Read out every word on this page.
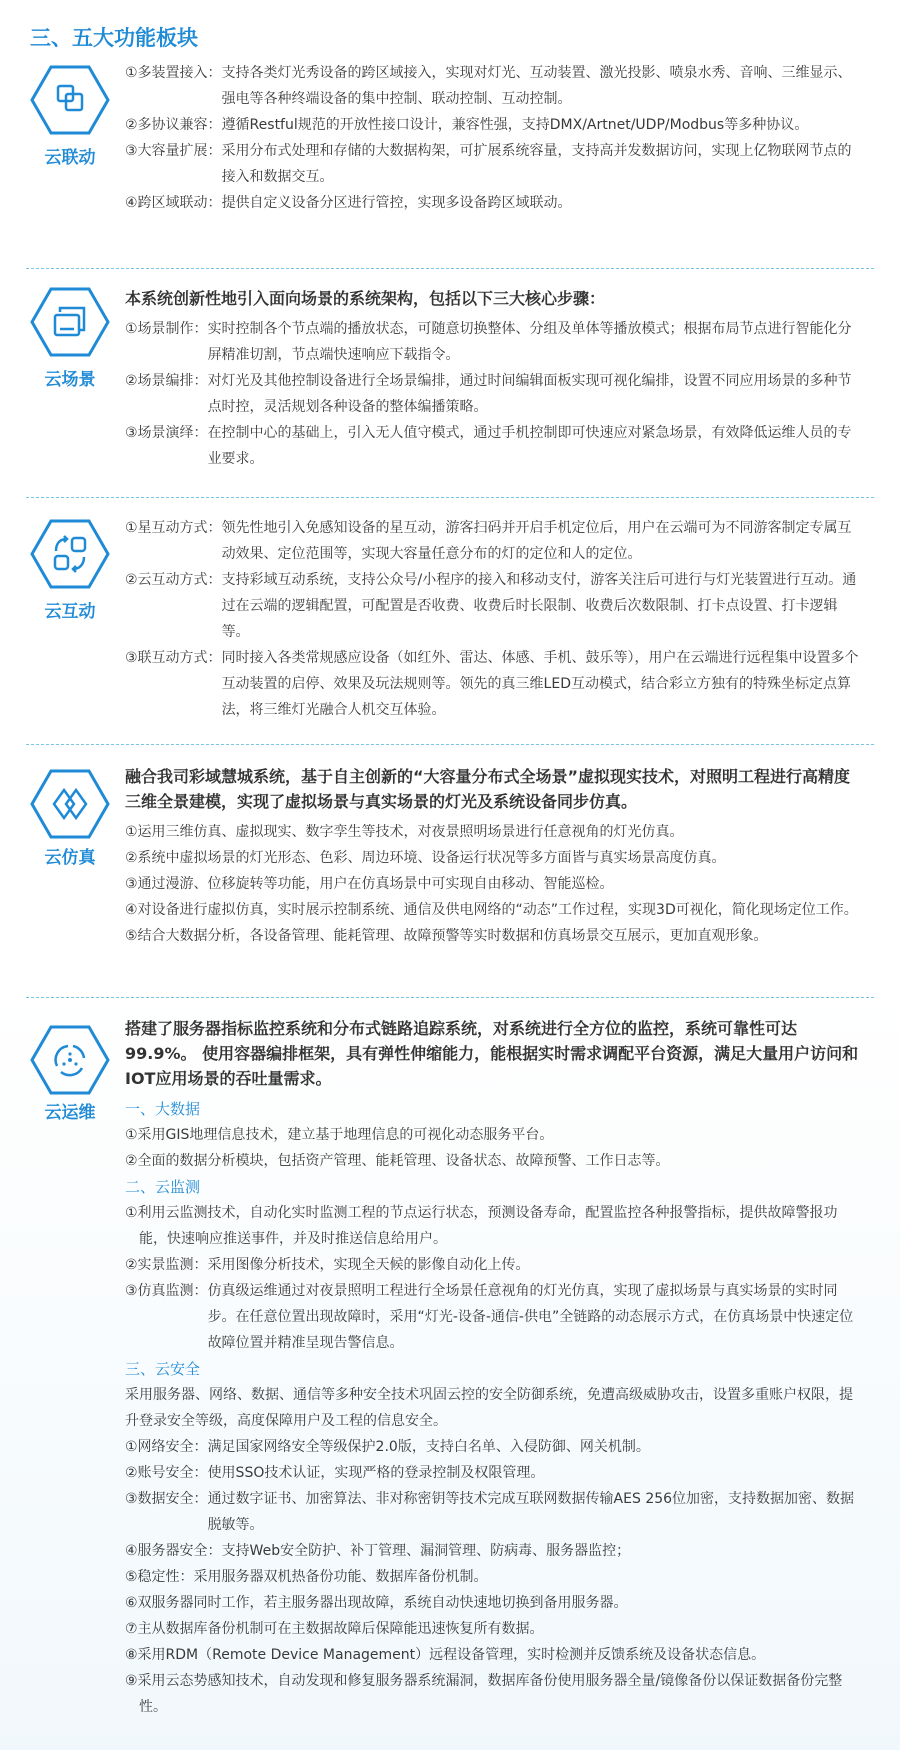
三、五大功能板块
云联动
①多装置接入： 支持各类灯光秀设备的跨区域接入，实现对灯光、互动装置、激光投影、喷泉水秀、音响、三维显示、强电等各种终端设备的集中控制、联动控制、互动控制。
②多协议兼容： 遵循Restful规范的开放性接口设计，兼容性强，支持DMX/Artnet/UDP/Modbus等多种协议。
③大容量扩展： 采用分布式处理和存储的大数据构架，可扩展系统容量，支持高并发数据访问，实现上亿物联网节点的接入和数据交互。
④跨区域联动： 提供自定义设备分区进行管控，实现多设备跨区域联动。
云场景
本系统创新性地引入面向场景的系统架构，包括以下三大核心步骤：
①场景制作： 实时控制各个节点端的播放状态，可随意切换整体、分组及单体等播放模式；根据布局节点进行智能化分屏精准切割，节点端快速响应下载指令。
②场景编排： 对灯光及其他控制设备进行全场景编排，通过时间编辑面板实现可视化编排，设置不同应用场景的多种节点时控，灵活规划各种设备的整体编播策略。
③场景演绎： 在控制中心的基础上，引入无人值守模式，通过手机控制即可快速应对紧急场景，有效降低运维人员的专业要求。
云互动
①星互动方式： 领先性地引入免感知设备的星互动，游客扫码并开启手机定位后，用户在云端可为不同游客制定专属互动效果、定位范围等，实现大容量任意分布的灯的定位和人的定位。
②云互动方式： 支持彩域互动系统，支持公众号/小程序的接入和移动支付，游客关注后可进行与灯光装置进行互动。通过在云端的逻辑配置，可配置是否收费、收费后时长限制、收费后次数限制、打卡点设置、打卡逻辑等。
③联互动方式： 同时接入各类常规感应设备（如红外、雷达、体感、手机、鼓乐等），用户在云端进行远程集中设置多个互动装置的启停、效果及玩法规则等。领先的真三维LED互动模式，结合彩立方独有的特殊坐标定点算法，将三维灯光融合人机交互体验。
云仿真
融合我司彩域慧城系统，基于自主创新的“大容量分布式全场景”虚拟现实技术，对照明工程进行高精度三维全景建模，实现了虚拟场景与真实场景的灯光及系统设备同步仿真。
①运用三维仿真、虚拟现实、数字孪生等技术，对夜景照明场景进行任意视角的灯光仿真。
②系统中虚拟场景的灯光形态、色彩、周边环境、设备运行状况等多方面皆与真实场景高度仿真。
③通过漫游、位移旋转等功能，用户在仿真场景中可实现自由移动、智能巡检。
④对设备进行虚拟仿真，实时展示控制系统、通信及供电网络的“动态”工作过程，实现3D可视化，简化现场定位工作。
⑤结合大数据分析，各设备管理、能耗管理、故障预警等实时数据和仿真场景交互展示，更加直观形象。
云运维
搭建了服务器指标监控系统和分布式链路追踪系统，对系统进行全方位的监控，系统可靠性可达99.9%。 使用容器编排框架，具有弹性伸缩能力，能根据实时需求调配平台资源，满足大量用户访问和IOT应用场景的吞吐量需求。
一、大数据
①采用GIS地理信息技术，建立基于地理信息的可视化动态服务平台。
②全面的数据分析模块，包括资产管理、能耗管理、设备状态、故障预警、工作日志等。
二、云监测
①利用云监测技术，自动化实时监测工程的节点运行状态，预测设备寿命，配置监控各种报警指标，提供故障警报功能，快速响应推送事件，并及时推送信息给用户。
②实景监测： 采用图像分析技术，实现全天候的影像自动化上传。
③仿真监测： 仿真级运维通过对夜景照明工程进行全场景任意视角的灯光仿真，实现了虚拟场景与真实场景的实时同步。在任意位置出现故障时，采用“灯光-设备-通信-供电”全链路的动态展示方式，在仿真场景中快速定位故障位置并精准呈现告警信息。
三、云安全
采用服务器、网络、数据、通信等多种安全技术巩固云控的安全防御系统，免遭高级威胁攻击，设置多重账户权限，提升登录安全等级，高度保障用户及工程的信息安全。
①网络安全： 满足国家网络安全等级保护2.0版，支持白名单、入侵防御、网关机制。
②账号安全： 使用SSO技术认证，实现严格的登录控制及权限管理。
③数据安全： 通过数字证书、加密算法、非对称密钥等技术完成互联网数据传输AES 256位加密，支持数据加密、数据脱敏等。
④服务器安全： 支持Web安全防护、补丁管理、漏洞管理、防病毒、服务器监控；
⑤稳定性： 采用服务器双机热备份功能、数据库备份机制。
⑥双服务器同时工作，若主服务器出现故障，系统自动快速地切换到备用服务器。
⑦主从数据库备份机制可在主数据故障后保障能迅速恢复所有数据。
⑧采用RDM（Remote Device Management）远程设备管理，实时检测并反馈系统及设备状态信息。
⑨采用云态势感知技术，自动发现和修复服务器系统漏洞，数据库备份使用服务器全量/镜像备份以保证数据备份完整性。
